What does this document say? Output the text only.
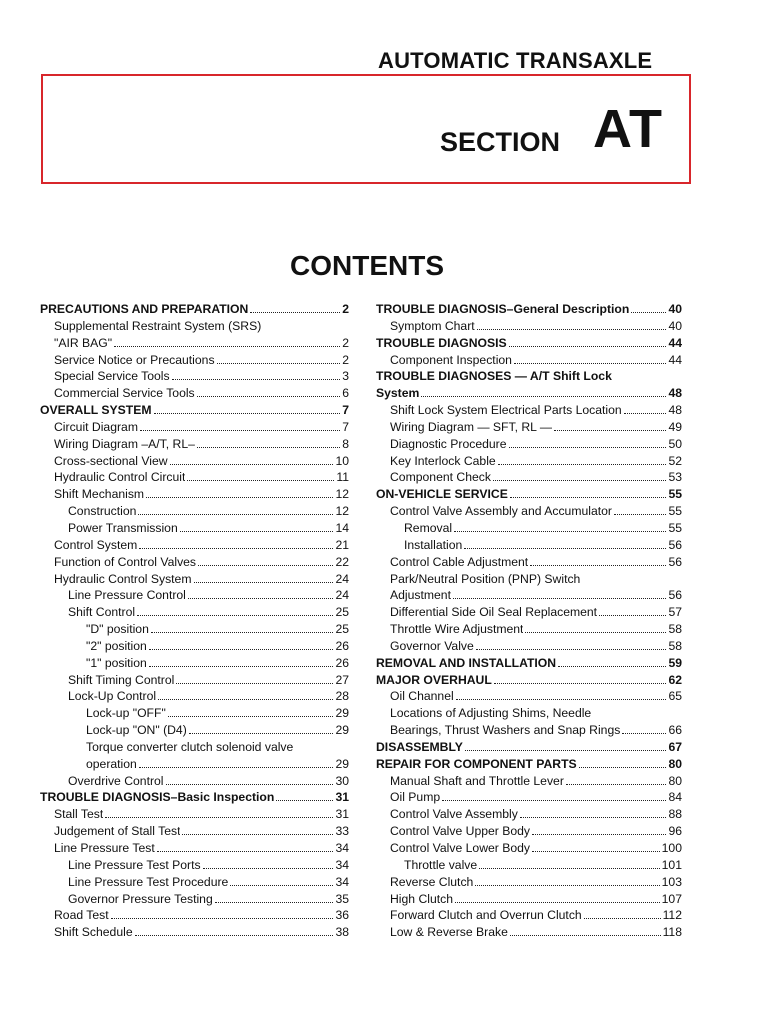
AUTOMATIC TRANSAXLE
SECTION AT
CONTENTS
PRECAUTIONS AND PREPARATION	2
Supplemental Restraint System (SRS)
"AIR BAG"	2
Service Notice or Precautions	2
Special Service Tools	3
Commercial Service Tools	6
OVERALL SYSTEM	7
Circuit Diagram	7
Wiring Diagram –A/T, RL–	8
Cross-sectional View	10
Hydraulic Control Circuit	11
Shift Mechanism	12
Construction	12
Power Transmission	14
Control System	21
Function of Control Valves	22
Hydraulic Control System	24
Line Pressure Control	24
Shift Control	25
"D" position	25
"2" position	26
"1" position	26
Shift Timing Control	27
Lock-Up Control	28
Lock-up "OFF"	29
Lock-up "ON" (D4)	29
Torque converter clutch solenoid valve
operation	29
Overdrive Control	30
TROUBLE DIAGNOSIS–Basic Inspection	31
Stall Test	31
Judgement of Stall Test	33
Line Pressure Test	34
Line Pressure Test Ports	34
Line Pressure Test Procedure	34
Governor Pressure Testing	35
Road Test	36
Shift Schedule	38
TROUBLE DIAGNOSIS–General Description	40
Symptom Chart	40
TROUBLE DIAGNOSIS	44
Component Inspection	44
TROUBLE DIAGNOSES — A/T Shift Lock
System	48
Shift Lock System Electrical Parts Location	48
Wiring Diagram — SFT, RL —	49
Diagnostic Procedure	50
Key Interlock Cable	52
Component Check	53
ON-VEHICLE SERVICE	55
Control Valve Assembly and Accumulator	55
Removal	55
Installation	56
Control Cable Adjustment	56
Park/Neutral Position (PNP) Switch
Adjustment	56
Differential Side Oil Seal Replacement	57
Throttle Wire Adjustment	58
Governor Valve	58
REMOVAL AND INSTALLATION	59
MAJOR OVERHAUL	62
Oil Channel	65
Locations of Adjusting Shims, Needle
Bearings, Thrust Washers and Snap Rings	66
DISASSEMBLY	67
REPAIR FOR COMPONENT PARTS	80
Manual Shaft and Throttle Lever	80
Oil Pump	84
Control Valve Assembly	88
Control Valve Upper Body	96
Control Valve Lower Body	100
Throttle valve	101
Reverse Clutch	103
High Clutch	107
Forward Clutch and Overrun Clutch	112
Low & Reverse Brake	118
